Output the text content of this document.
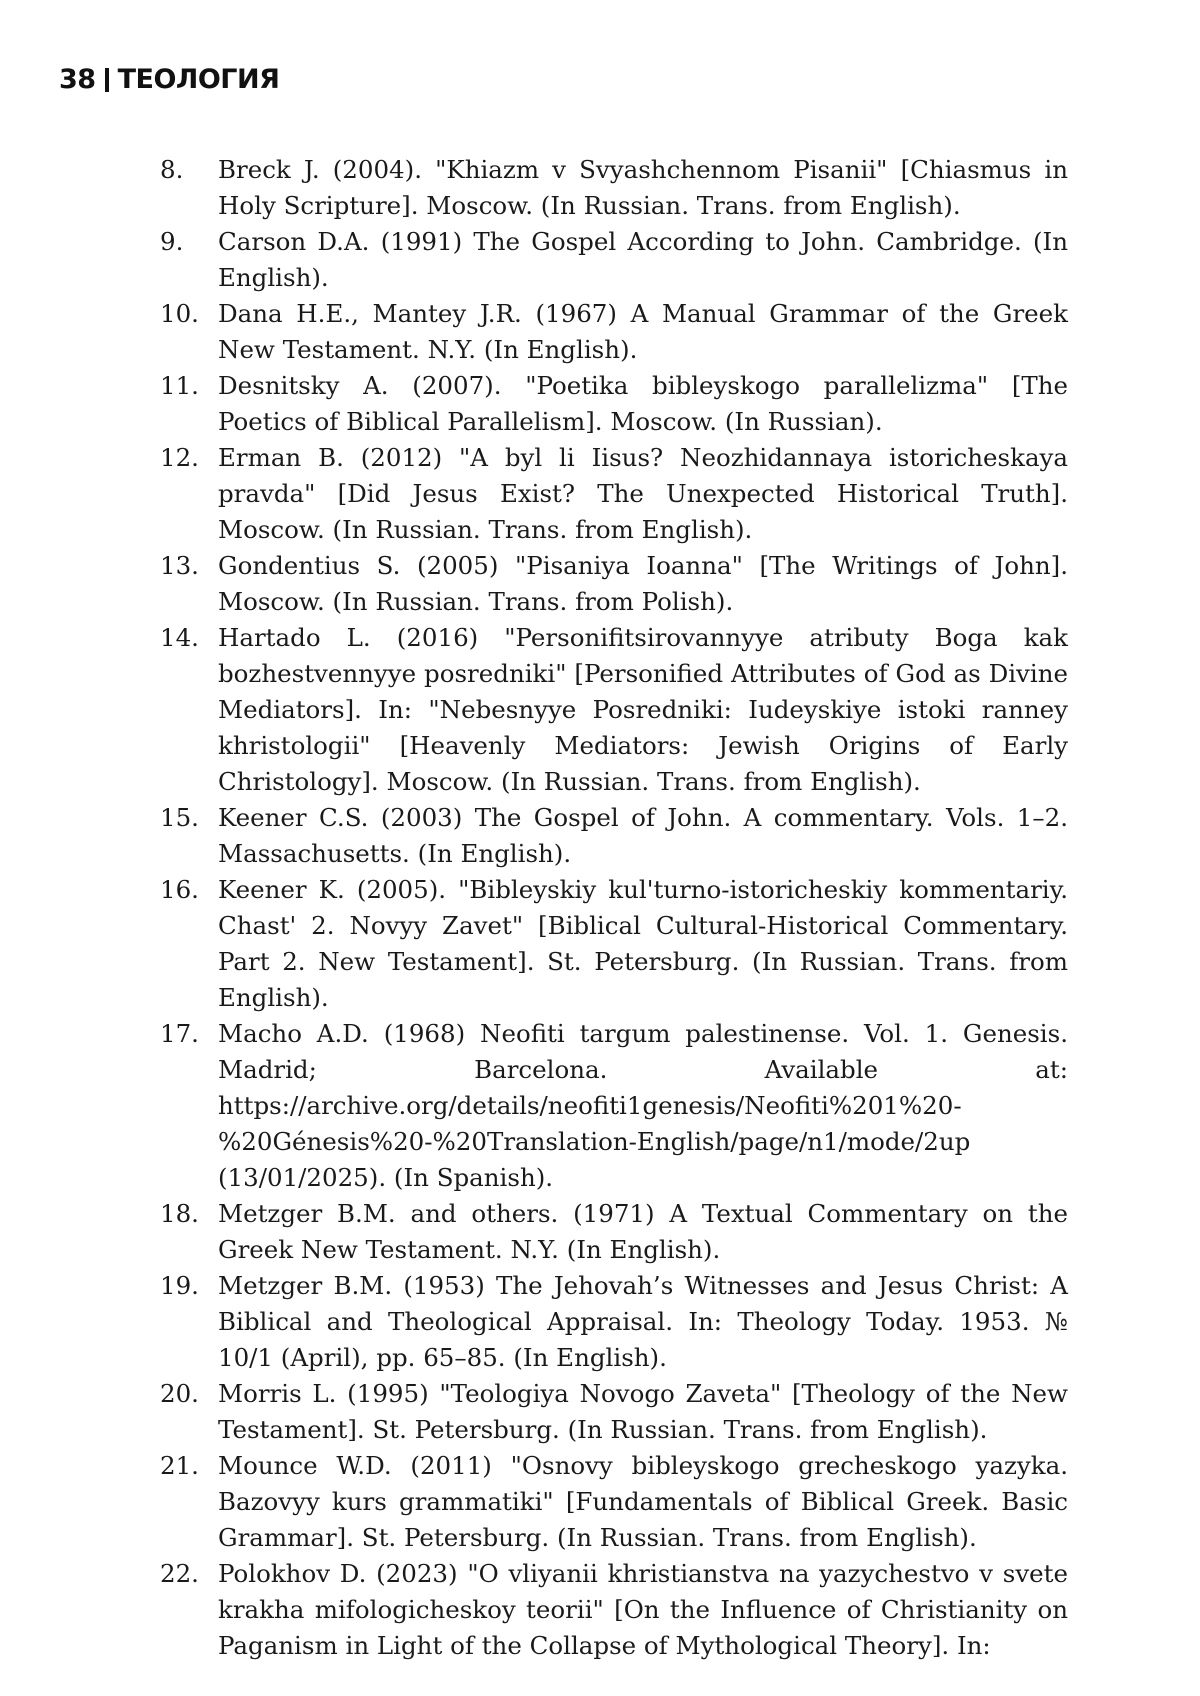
38 ТЕОЛОГИЯ
8.	Breck J. (2004). "Khiazm v Svyashchennom Pisanii" [Chiasmus in Holy Scripture]. Moscow. (In Russian. Trans. from English).
9.	Carson D.A. (1991) The Gospel According to John. Cambridge. (In English).
10. Dana H.E., Mantey J.R. (1967) A Manual Grammar of the Greek New Testament. N.Y. (In English).
11. Desnitsky A. (2007). "Poetika bibleyskogo parallelizma" [The Poetics of Biblical Parallelism]. Moscow. (In Russian).
12. Erman B. (2012) "A byl li Iisus? Neozhidannaya istoricheskaya pravda" [Did Jesus Exist? The Unexpected Historical Truth]. Moscow. (In Russian. Trans. from English).
13. Gondentius S. (2005) "Pisaniya Ioanna" [The Writings of John]. Moscow. (In Russian. Trans. from Polish).
14. Hartado L. (2016) "Personifitsirovannyye atributy Boga kak bozhestvennyye posredniki" [Personified Attributes of God as Divine Mediators]. In: "Nebesnyye Posredniki: Iudeyskiye istoki ranney khristologii" [Heavenly Mediators: Jewish Origins of Early Christology]. Moscow. (In Russian. Trans. from English).
15. Keener C.S. (2003) The Gospel of John. A commentary. Vols. 1–2. Massachusetts. (In English).
16. Keener K. (2005). "Bibleyskiy kul'turno-istoricheskiy kommentariy. Chast' 2. Novyy Zavet" [Biblical Cultural-Historical Commentary. Part 2. New Testament]. St. Petersburg. (In Russian. Trans. from English).
17. Macho A.D. (1968) Neofiti targum palestinense. Vol. 1. Genesis. Madrid; Barcelona. Available at: https://archive.org/details/neofiti1genesis/Neofiti%201%20-%20Génesis%20-%20Translation-English/page/n1/mode/2up (13/01/2025). (In Spanish).
18. Metzger B.M. and others. (1971) A Textual Commentary on the Greek New Testament. N.Y. (In English).
19. Metzger B.M. (1953) The Jehovah’s Witnesses and Jesus Christ: A Biblical and Theological Appraisal. In: Theology Today. 1953. № 10/1 (April), pp. 65–85. (In English).
20. Morris L. (1995) "Teologiya Novogo Zaveta" [Theology of the New Testament]. St. Petersburg. (In Russian. Trans. from English).
21. Mounce W.D. (2011) "Osnovy bibleyskogo grecheskogo yazyka. Bazovyy kurs grammatiki" [Fundamentals of Biblical Greek. Basic Grammar]. St. Petersburg. (In Russian. Trans. from English).
22. Polokhov D. (2023) "O vliyanii khristianstva na yazychestvo v svete krakha mifologicheskoy teorii" [On the Influence of Christianity on Paganism in Light of the Collapse of Mythological Theory]. In:
